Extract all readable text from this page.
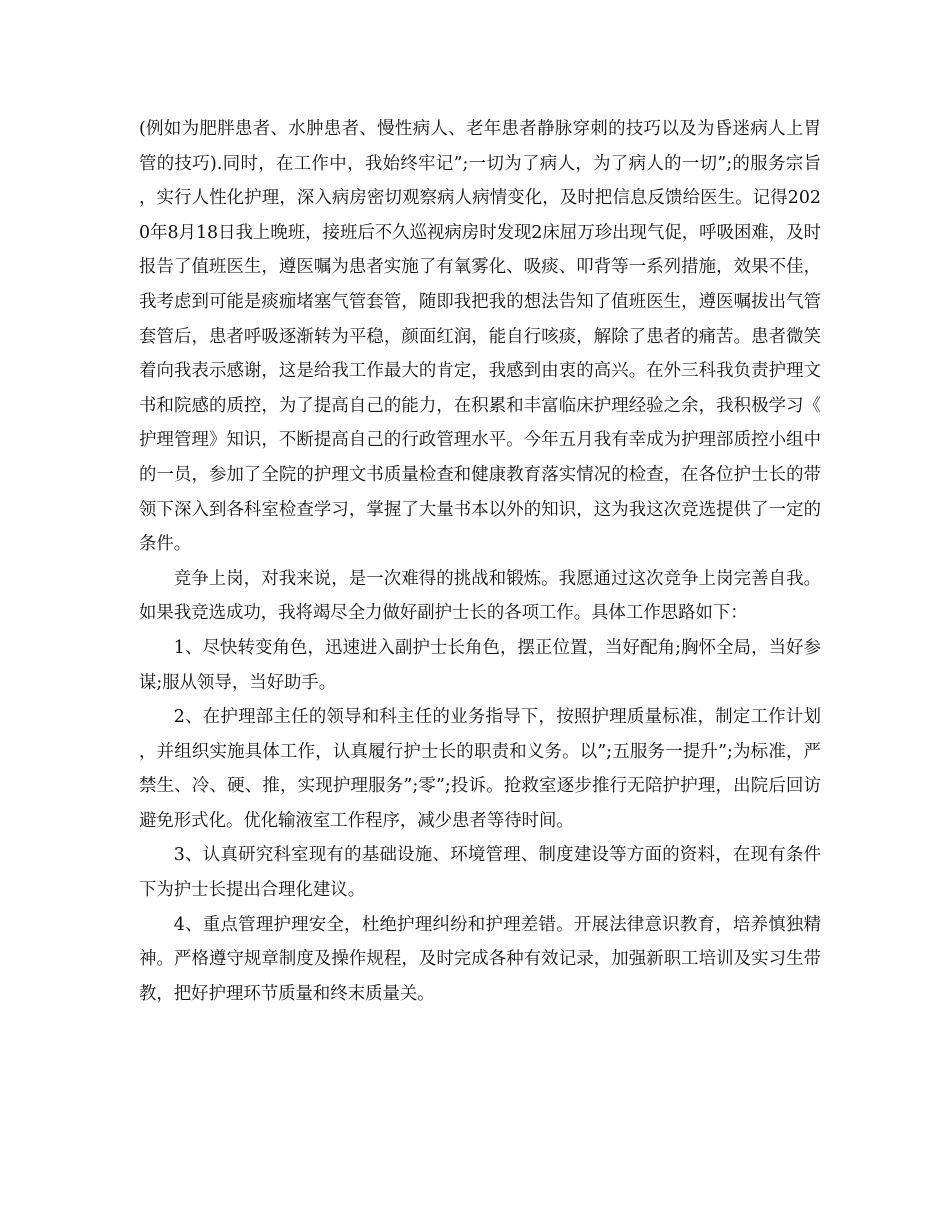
(例如为肥胖患者、水肿患者、慢性病人、老年患者静脉穿刺的技巧以及为昏迷病人上胃管的技巧).同时，在工作中，我始终牢记”;一切为了病人，为了病人的一切”;的服务宗旨，实行人性化护理，深入病房密切观察病人病情变化，及时把信息反馈给医生。记得2020年8月18日我上晚班，接班后不久巡视病房时发现2床屈万珍出现气促，呼吸困难，及时报告了值班医生，遵医嘱为患者实施了有氧雾化、吸痰、叩背等一系列措施，效果不佳，我考虑到可能是痰痂堵塞气管套管，随即我把我的想法告知了值班医生，遵医嘱拔出气管套管后，患者呼吸逐渐转为平稳，颜面红润，能自行咳痰，解除了患者的痛苦。患者微笑着向我表示感谢，这是给我工作最大的肯定，我感到由衷的高兴。在外三科我负责护理文书和院感的质控，为了提高自己的能力，在积累和丰富临床护理经验之余，我积极学习《护理管理》知识，不断提高自己的行政管理水平。今年五月我有幸成为护理部质控小组中的一员，参加了全院的护理文书质量检查和健康教育落实情况的检查，在各位护士长的带领下深入到各科室检查学习，掌握了大量书本以外的知识，这为我这次竞选提供了一定的条件。

竞争上岗，对我来说，是一次难得的挑战和锻炼。我愿通过这次竞争上岗完善自我。如果我竞选成功，我将竭尽全力做好副护士长的各项工作。具体工作思路如下：

1、尽快转变角色，迅速进入副护士长角色，摆正位置，当好配角;胸怀全局，当好参谋;服从领导，当好助手。

2、在护理部主任的领导和科主任的业务指导下，按照护理质量标准，制定工作计划，并组织实施具体工作，认真履行护士长的职责和义务。以”;五服务一提升”;为标准，严禁生、冷、硬、推，实现护理服务”;零”;投诉。抢救室逐步推行无陪护护理，出院后回访避免形式化。优化输液室工作程序，减少患者等待时间。

3、认真研究科室现有的基础设施、环境管理、制度建设等方面的资料，在现有条件下为护士长提出合理化建议。

4、重点管理护理安全，杜绝护理纠纷和护理差错。开展法律意识教育，培养慎独精神。严格遵守规章制度及操作规程，及时完成各种有效记录，加强新职工培训及实习生带教，把好护理环节质量和终末质量关。
